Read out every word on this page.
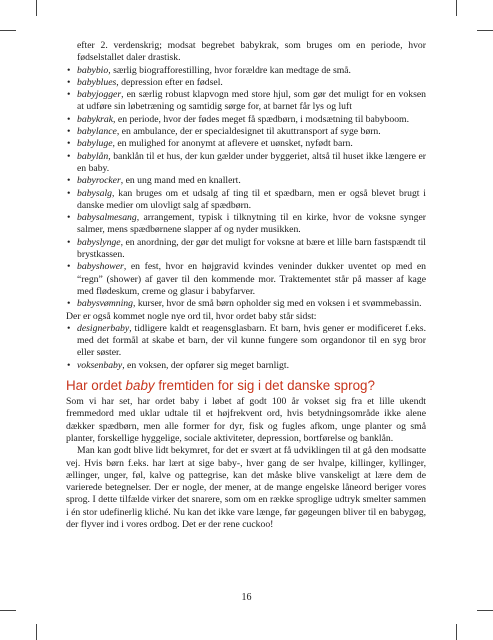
efter 2. verdenskrig; modsat begrebet babykrak, som bruges om en periode, hvor fødselstallet daler drastisk.

• babybio, særlig biografforestilling, hvor forældre kan medtage de små.
• babyblues, depression efter en fødsel.
• babyjogger, en særlig robust klapvogn med store hjul, som gør det muligt for en voksen at udføre sin løbetræning og samtidig sørge for, at barnet får lys og luft
• babykrak, en periode, hvor der fødes meget få spædbørn, i modsætning til babyboom.
• babylance, en ambulance, der er specialdesignet til akuttransport af syge børn.
• babyluge, en mulighed for anonymt at aflevere et uønsket, nyfødt barn.
• babylån, banklån til et hus, der kun gælder under byggeriet, altså til huset ikke længere er en baby.
• babyrocker, en ung mand med en knallert.
• babysalg, kan bruges om et udsalg af ting til et spædbarn, men er også blevet brugt i danske medier om ulovligt salg af spædbørn.
• babysalmesang, arrangement, typisk i tilknytning til en kirke, hvor de voksne synger salmer, mens spædbørnene slapper af og nyder musikken.
• babyslynge, en anordning, der gør det muligt for voksne at bære et lille barn fastspændt til brystkassen.
• babyshower, en fest, hvor en højgravid kvindes veninder dukker uventet op med en “regn” (shower) af gaver til den kommende mor. Traktementet står på masser af kage med flødeskum, creme og glasur i babyfarver.
• babysvømning, kurser, hvor de små børn opholder sig med en voksen i et svømmebassin.

Der er også kommet nogle nye ord til, hvor ordet baby står sidst:

• designerbaby, tidligere kaldt et reagensglasbarn. Et barn, hvis gener er modificeret f.eks. med det formål at skabe et barn, der vil kunne fungere som organdonor til en syg bror eller søster.
• voksenbaby, en voksen, der opfører sig meget barnligt.
Har ordet baby fremtiden for sig i det danske sprog?

Som vi har set, har ordet baby i løbet af godt 100 år vokset sig fra et lille ukendt fremmedord med uklar udtale til et højfrekvent ord, hvis betydningsområde ikke alene dækker spædbørn, men alle former for dyr, fisk og fugles afkom, unge planter og små planter, forskellige hyggelige, sociale aktiviteter, depression, bortførelse og banklån.

Man kan godt blive lidt bekymret, for det er svært at få udviklingen til at gå den modsatte vej. Hvis børn f.eks. har lært at sige baby-, hver gang de ser hvalpe, killinger, kyllinger, ællinger, unger, føl, kalve og pattegrise, kan det måske blive vanskeligt at lære dem de varierede betegnelser. Der er nogle, der mener, at de mange engelske låneord beriger vores sprog. I dette tilfælde virker det snarere, som om en række sproglige udtryk smelter sammen i én stor udefinerlig kliché. Nu kan det ikke vare længe, før gøgeungen bliver til en babygøg, der flyver ind i vores ordbog. Det er der rene cuckoo!

16
